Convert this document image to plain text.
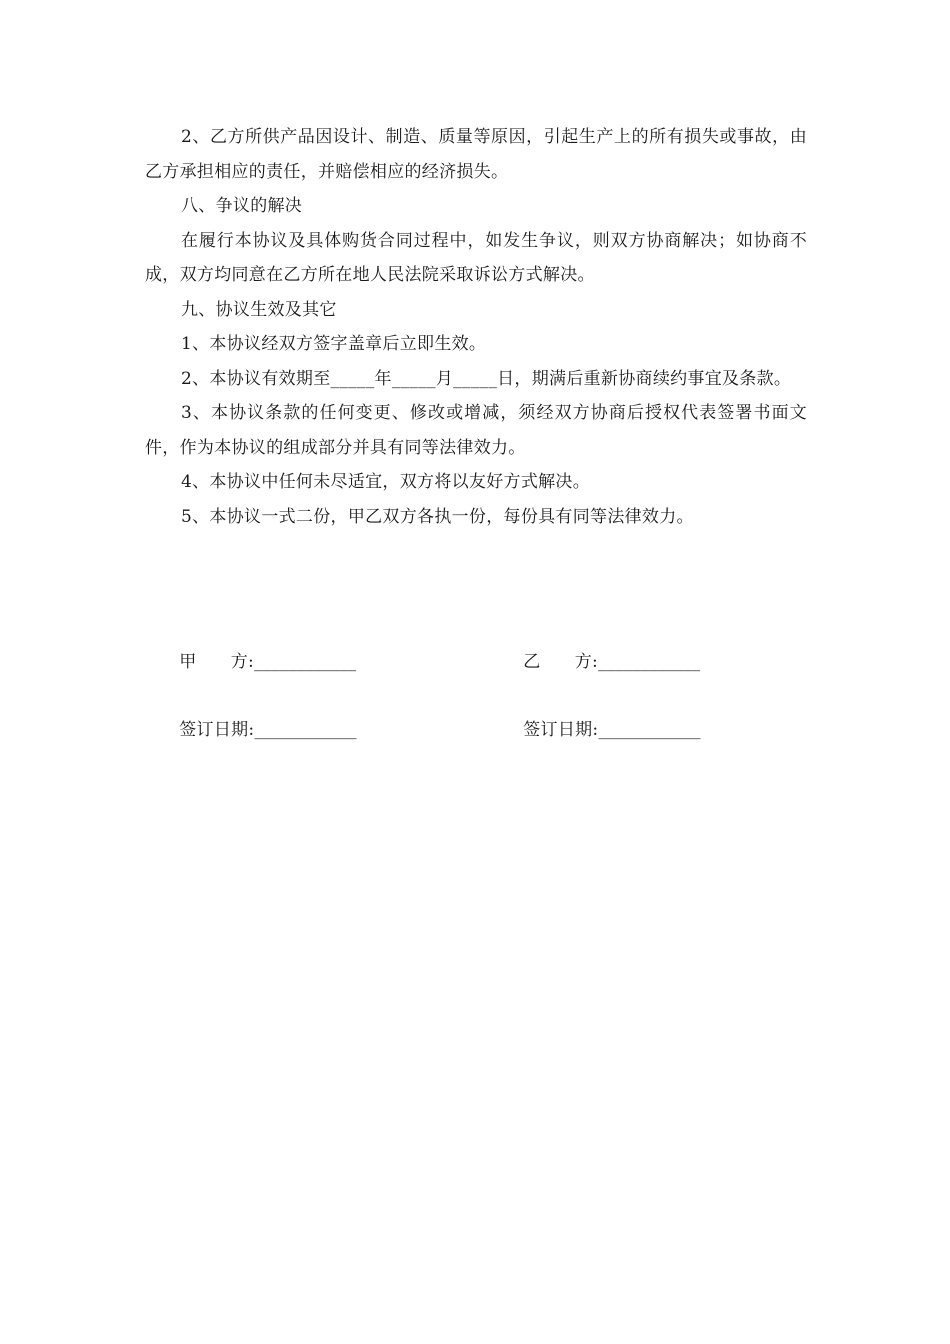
2、乙方所供产品因设计、制造、质量等原因，引起生产上的所有损失或事故，由乙方承担相应的责任，并赔偿相应的经济损失。

八、争议的解决

在履行本协议及具体购货合同过程中，如发生争议，则双方协商解决；如协商不成，双方均同意在乙方所在地人民法院采取诉讼方式解决。

九、协议生效及其它

1、本协议经双方签字盖章后立即生效。

2、本协议有效期至_____年_____月_____日，期满后重新协商续约事宜及条款。

3、本协议条款的任何变更、修改或增减，须经双方协商后授权代表签署书面文件，作为本协议的组成部分并具有同等法律效力。

4、本协议中任何未尽适宜，双方将以友好方式解决。

5、本协议一式二份，甲乙双方各执一份，每份具有同等法律效力。

甲      方:____________

	乙      方:____________

签订日期:____________

	签订日期:____________
